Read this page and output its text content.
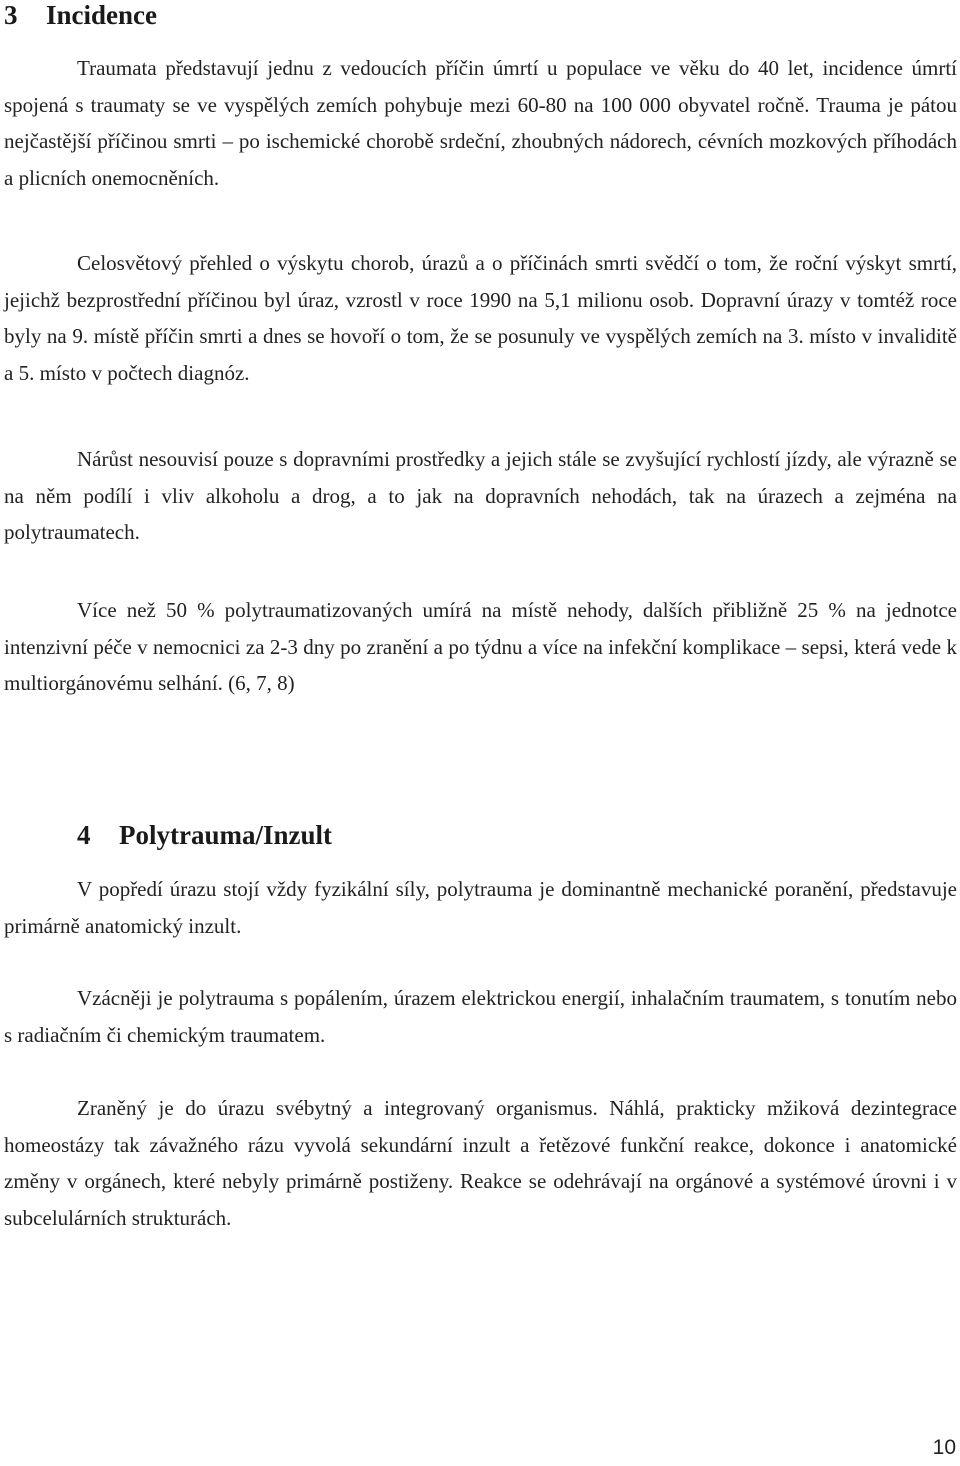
3 Incidence

Traumata představují jednu z vedoucích příčin úmrtí u populace ve věku do 40 let, incidence úmrtí spojená s traumaty se ve vyspělých zemích pohybuje mezi 60-80 na 100 000 obyvatel ročně. Trauma je pátou nejčastější příčinou smrti – po ischemické chorobě srdeční, zhoubných nádorech, cévních mozkových příhodách a plicních onemocněních.

Celosvětový přehled o výskytu chorob, úrazů a o příčinách smrti svědčí o tom, že roční výskyt smrtí, jejichž bezprostřední příčinou byl úraz, vzrostl v roce 1990 na 5,1 milionu osob. Dopravní úrazy v tomtéž roce byly na 9. místě příčin smrti a dnes se hovoří o tom, že se posunuly ve vyspělých zemích na 3. místo v invaliditě a 5. místo v počtech diagnóz.

Nárůst nesouvisí pouze s dopravními prostředky a jejich stále se zvyšující rychlostí jízdy, ale výrazně se na něm podílí i vliv alkoholu a drog, a to jak na dopravních nehodách, tak na úrazech a zejména na polytraumatech.

Více než 50 % polytraumatizovaných umírá na místě nehody, dalších přibližně 25 % na jednotce intenzivní péče v nemocnici za 2-3 dny po zranění a po týdnu a více na infekční komplikace – sepsi, která vede k multiorgánovému selhání. (6, 7, 8)

4 Polytrauma/Inzult

V popředí úrazu stojí vždy fyzikální síly, polytrauma je dominantně mechanické poranění, představuje primárně anatomický inzult.

Vzácněji je polytrauma s popálením, úrazem elektrickou energií, inhalačním traumatem, s tonutím nebo s radiačním či chemickým traumatem.

Zraněný je do úrazu svébytný a integrovaný organismus. Náhlá, prakticky mžiková dezintegrace homeostázy tak závažného rázu vyvolá sekundární inzult a řetězové funkční reakce, dokonce i anatomické změny v orgánech, které nebyly primárně postiženy. Reakce se odehrávají na orgánové a systémové úrovni i v subcelulárních strukturách.

10
